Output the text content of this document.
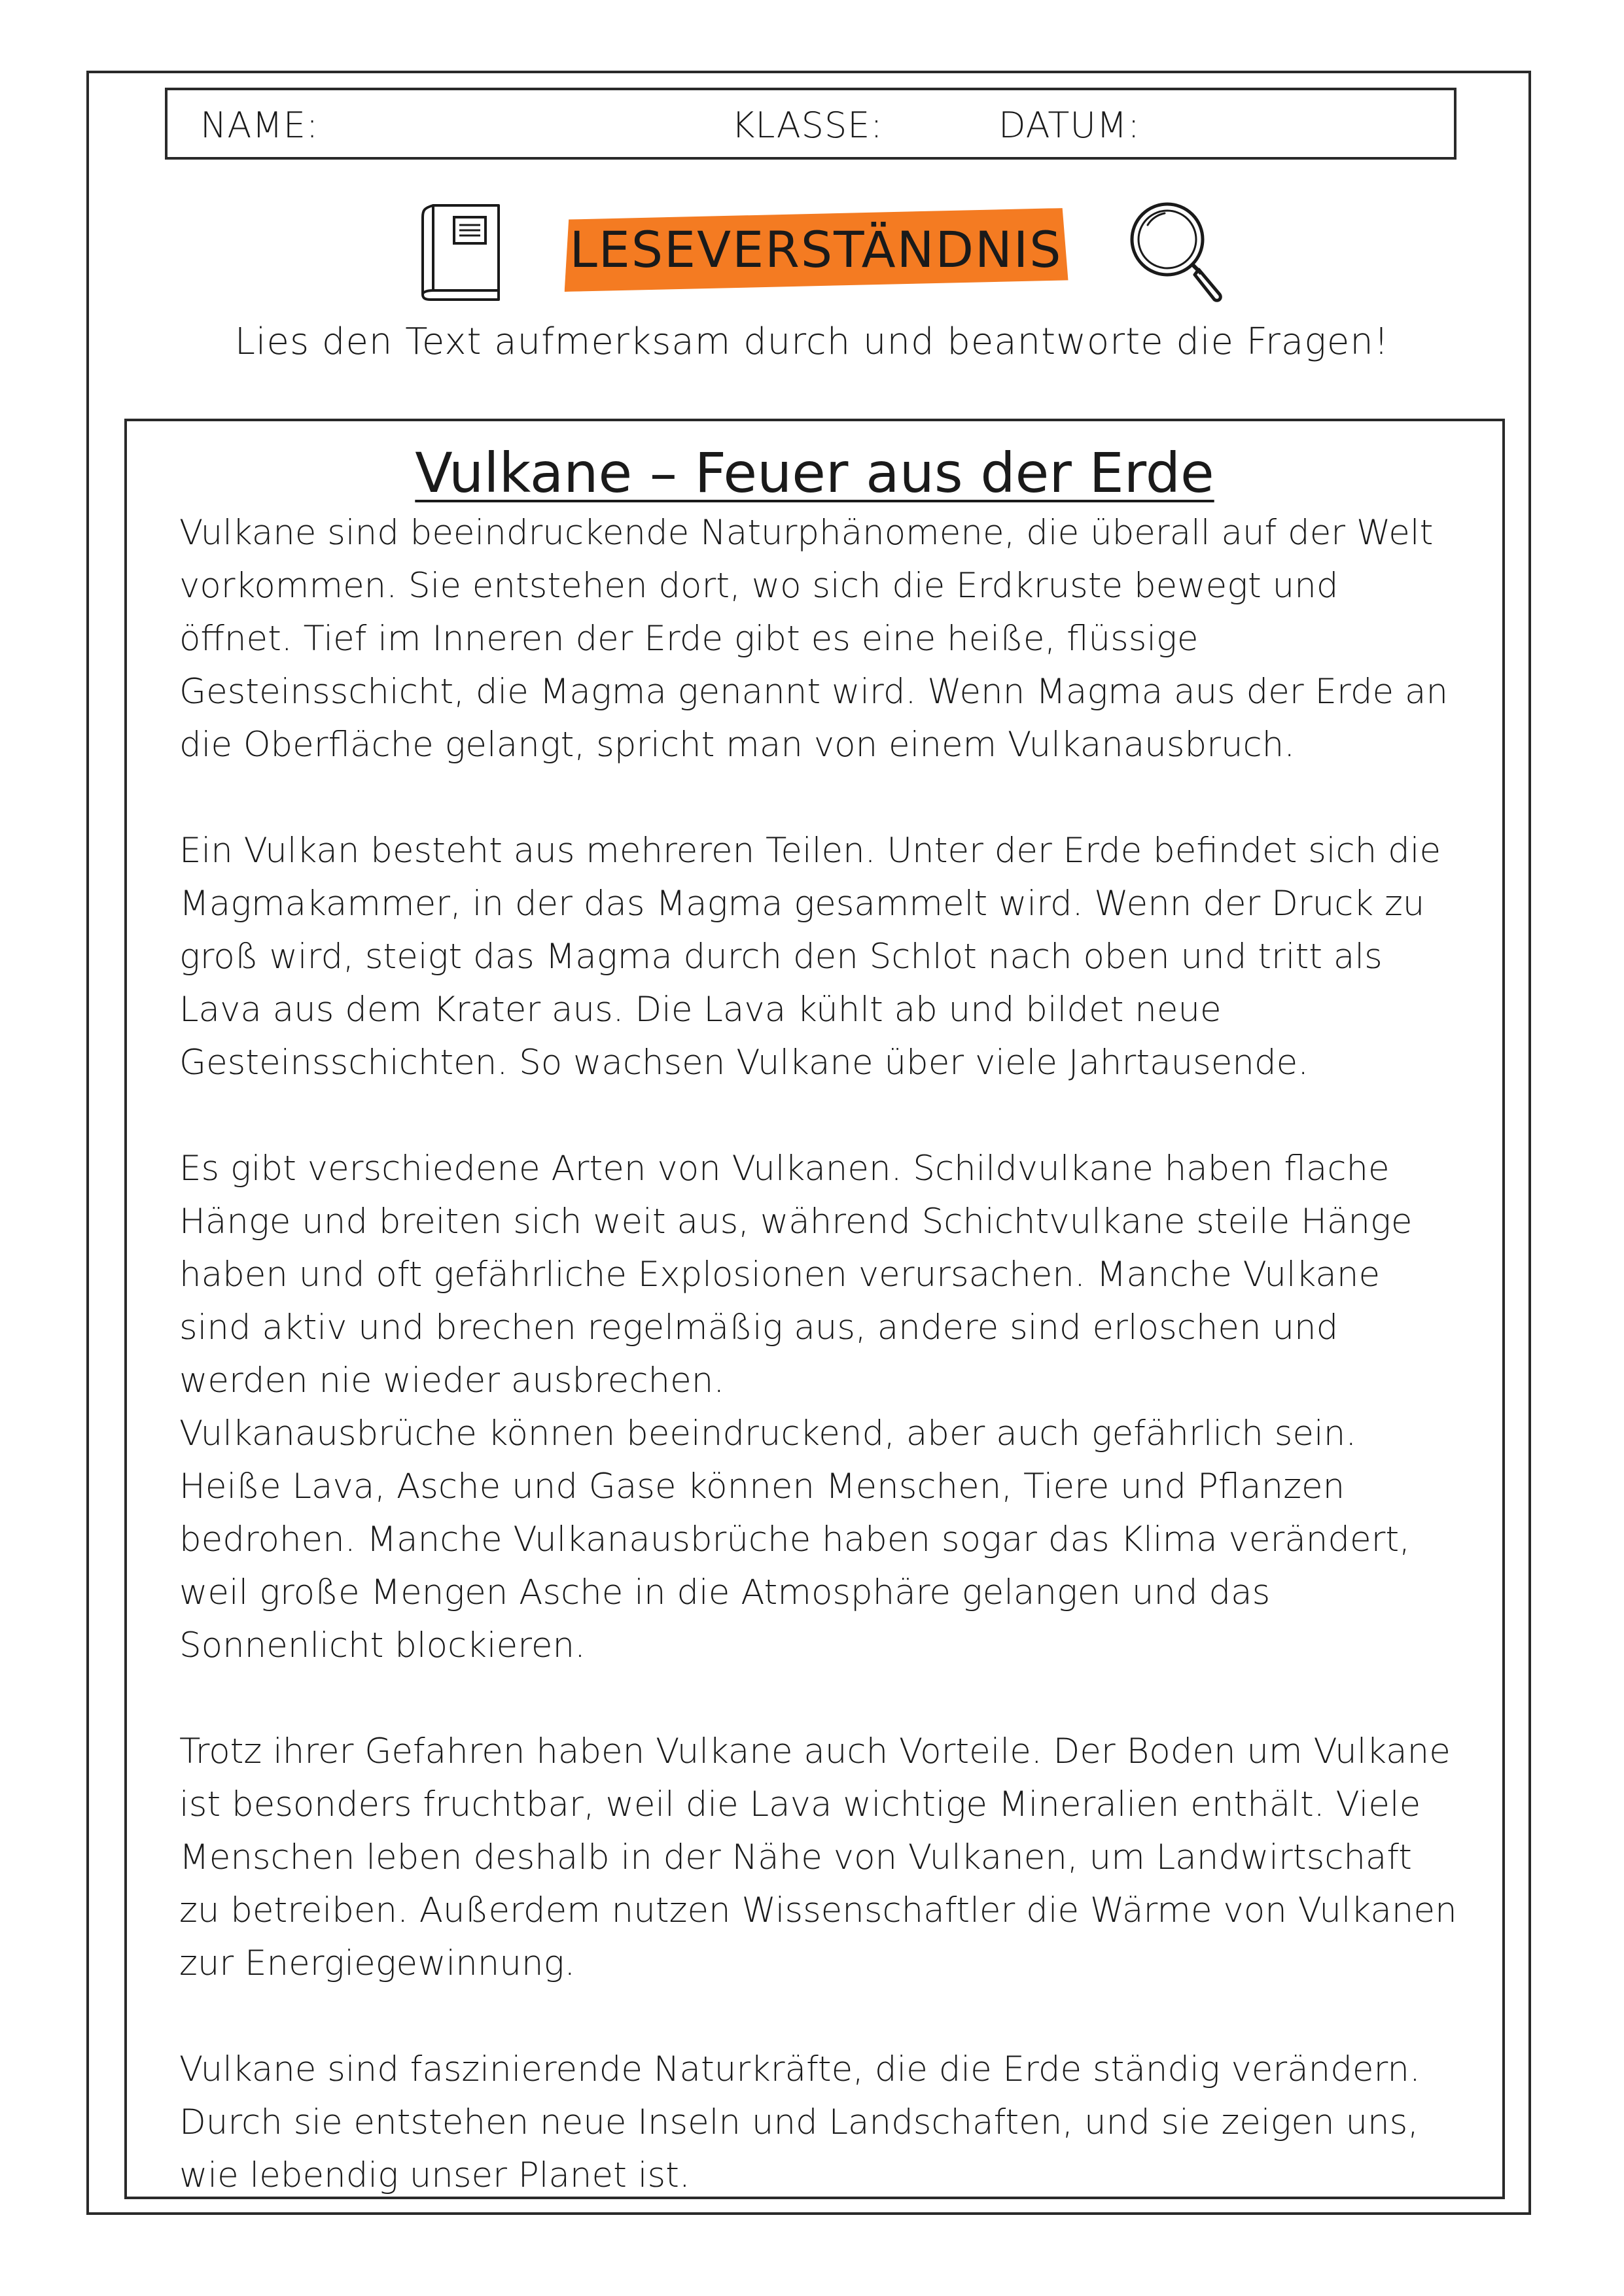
NAME:	KLASSE:	DATUM:
LESEVERSTÄNDNIS
Lies den Text aufmerksam durch und beantworte die Fragen!
Vulkane – Feuer aus der Erde

Vulkane sind beeindruckende Naturphänomene, die überall auf der Welt vorkommen. Sie entstehen dort, wo sich die Erdkruste bewegt und öffnet. Tief im Inneren der Erde gibt es eine heiße, flüssige Gesteinsschicht, die Magma genannt wird. Wenn Magma aus der Erde an die Oberfläche gelangt, spricht man von einem Vulkanausbruch.

Ein Vulkan besteht aus mehreren Teilen. Unter der Erde befindet sich die Magmakammer, in der das Magma gesammelt wird. Wenn der Druck zu groß wird, steigt das Magma durch den Schlot nach oben und tritt als Lava aus dem Krater aus. Die Lava kühlt ab und bildet neue Gesteinsschichten. So wachsen Vulkane über viele Jahrtausende.

Es gibt verschiedene Arten von Vulkanen. Schildvulkane haben flache Hänge und breiten sich weit aus, während Schichtvulkane steile Hänge haben und oft gefährliche Explosionen verursachen. Manche Vulkane sind aktiv und brechen regelmäßig aus, andere sind erloschen und werden nie wieder ausbrechen.

Vulkanausbrüche können beeindruckend, aber auch gefährlich sein. Heiße Lava, Asche und Gase können Menschen, Tiere und Pflanzen bedrohen. Manche Vulkanausbrüche haben sogar das Klima verändert, weil große Mengen Asche in die Atmosphäre gelangen und das Sonnenlicht blockieren.

Trotz ihrer Gefahren haben Vulkane auch Vorteile. Der Boden um Vulkane ist besonders fruchtbar, weil die Lava wichtige Mineralien enthält. Viele Menschen leben deshalb in der Nähe von Vulkanen, um Landwirtschaft zu betreiben. Außerdem nutzen Wissenschaftler die Wärme von Vulkanen zur Energiegewinnung.

Vulkane sind faszinierende Naturkräfte, die die Erde ständig verändern. Durch sie entstehen neue Inseln und Landschaften, und sie zeigen uns, wie lebendig unser Planet ist.
